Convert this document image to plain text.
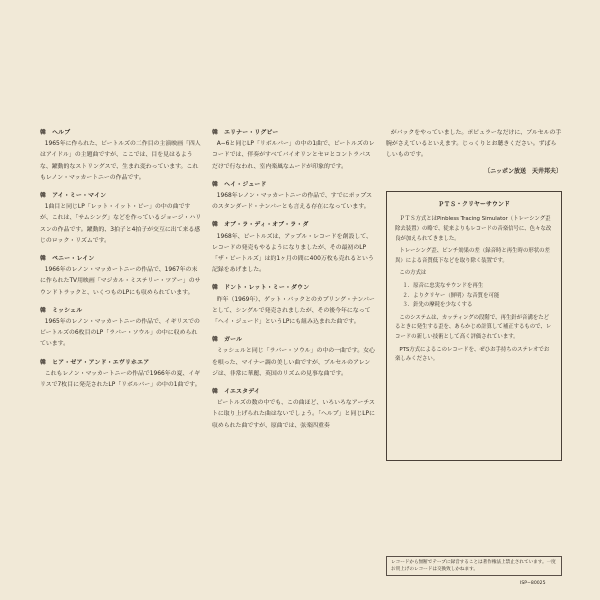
韓 ヘルプ
1965年に作られた、ビートルズの二作目の主演映画「四人はアイドル」の主題曲ですが、ここでは、目を見はるような、躍動的なストリングスで、生まれ変わっています。これもレノン・マッカートニーの作品です。
韓 アイ・ミー・マイン
1曲目と同じLP「レット・イット・ビー」の中の曲ですが、これは、「サムシング」などを作っているジョージ・ハリスンの作品です。躍動的、3拍子と4拍子が交互に出て来る感じのロック・リズムです。
韓 ペニー・レイン
1966年のレノン・マッカートニーの作品で、1967年の末に作られたTV用映画「マジカル・ミステリー・ツアー」のサウンドトラックと、いくつものLPにも収められています。
韓 ミッシェル
1965年のレノン・マッカートニーの作品で、イギリスでのビートルズの6枚目のLP「ラバー・ソウル」の中に収められています。
韓 ヒア・ゼア・アンド・エヴリホエア
これもレノン・マッカートニーの作品で1966年の夏、イギリスで7枚目に発売されたLP「リボルバー」の中の1曲です。
韓 エリナー・リグビー
A−6と同じLP「リボルバー」の中の1曲で、ビートルズのレコードでは、伴奏がすべてバイオリンとセロとコントラバスだけで行なわれ、室内楽風なムードが印象的です。
韓 ヘイ・ジュード
1968年レノン・マッカートニーの作品で、すでにポップスのスタンダード・ナンバーとも言える存在になっています。
韓 オブ・ラ・ディ・オブ・ラ・ダ
1968年、ビートルズは、アップル・レコードを創設して、レコードの発売もやるようになりましたが、その最初のLP「ザ・ビートルズ」は約1ヶ月の間に400万枚も売れるという記録をあげました。
韓 ドント・レット・ミー・ダウン
昨年（1969年）、ゲット・バックとのカプリング・ナンバーとして、シングルで発売されましたが、その後今年になって「ヘイ・ジュード」というLPにも組み込まれた曲です。
韓 ガール
ミッシェルと同じ「ラバー・ソウル」の中の一曲です。女心を唄った、マイナー調の美しい曲ですが、ブルセルのアレンジは、非常に華麗、英国のリズムの見事な曲です。
韓 イエスタデイ
ビートルズの数の中でも、この曲ほど、いろいろなアーチストに取り上げられた曲はないでしょう。「ヘルプ」と同じLPに収められた曲ですが、原曲では、弦楽四重奏
がバックをやっていました。ポピュラーなだけに、ブルセルの手腕がさえているといえます。じっくりとお聴きください。ずばらしいものです。
〔ニッポン放送　天井邦夫〕
ＰＴＳ・クリヤーサウンド

ＰＴＳ方式とはPinbless Tracing Simulator（トレーシング歪除去装置）の略で、従来よりもレコードの音楽信号に、色々な改良が加えられてきました。

トレーシング歪、ピンチ効果の差（録音時と再生時の形状の差異）による音質低下などを取り除く装置です。

この方式は

１．原音に忠実なサウンドを再生
２．よりクリヤー（鮮明）な音質を可能
３．針先の摩耗を少なくする

このシステムは、カッティングの段階で、再生針が音溝をたどるときに発生する歪を、あらかじめ計算して補正するもので、レコードの新しい技術として高く評価されています。

PTS方式によるこのレコードを、ぜひお手持ちのステレオでお楽しみください。

レコードから無断でテープに録音することは著作権法上禁止されています。一度お買上げのレコードは交換致しかねます。
ISP−80025
